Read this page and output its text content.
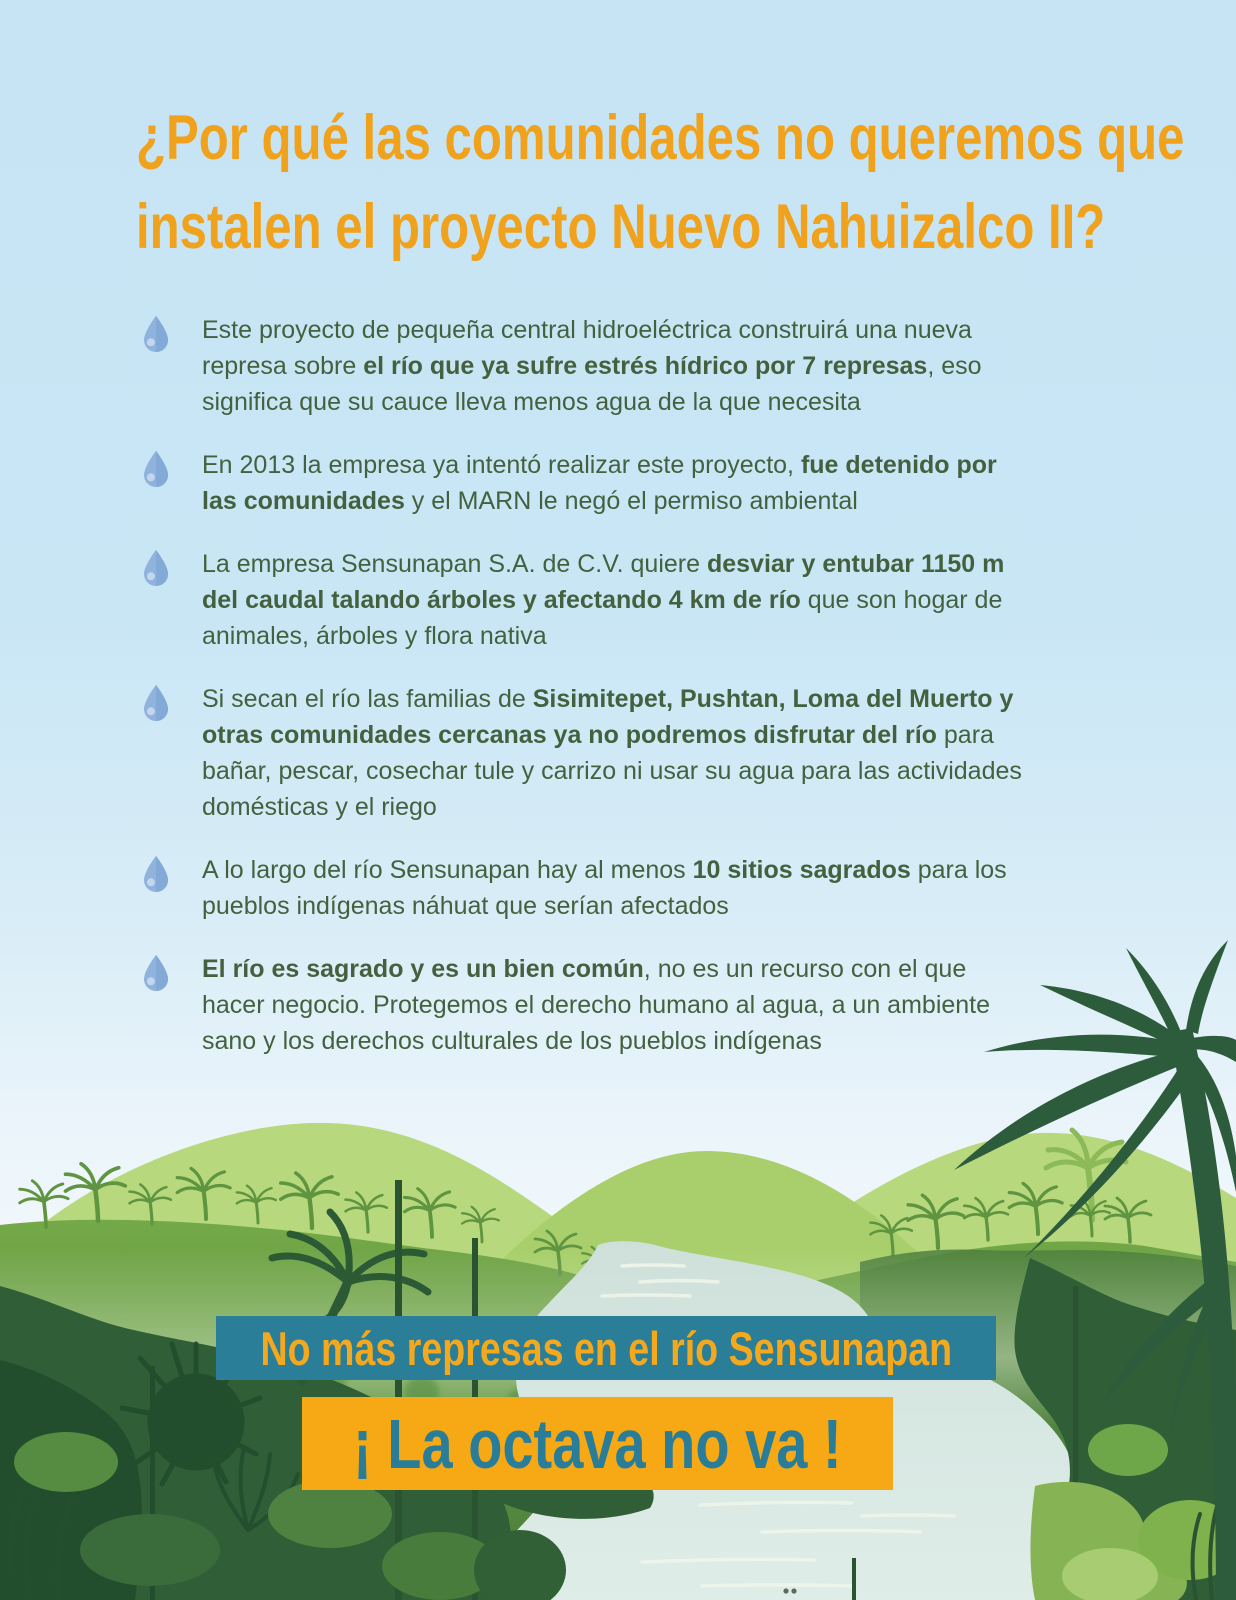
¿Por qué las comunidades no queremos que
instalen el proyecto Nuevo Nahuizalco II?

Este proyecto de pequeña central hidroeléctrica construirá una nueva represa sobre el río que ya sufre estrés hídrico por 7 represas, eso significa que su cauce lleva menos agua de la que necesita

En 2013 la empresa ya intentó realizar este proyecto, fue detenido por las comunidades y el MARN le negó el permiso ambiental

La empresa Sensunapan S.A. de C.V. quiere desviar y entubar 1150 m del caudal talando árboles y afectando 4 km de río que son hogar de animales, árboles y flora nativa

Si secan el río las familias de Sisimitepet, Pushtan, Loma del Muerto y otras comunidades cercanas ya no podremos disfrutar del río para bañar, pescar, cosechar tule y carrizo ni usar su agua para las actividades domésticas y el riego

A lo largo del río Sensunapan hay al menos 10 sitios sagrados para los pueblos indígenas náhuat que serían afectados

El río es sagrado y es un bien común, no es un recurso con el que hacer negocio. Protegemos el derecho humano al agua, a un ambiente sano y los derechos culturales de los pueblos indígenas

No más represas en el río Sensunapan
¡ La octava no va !
